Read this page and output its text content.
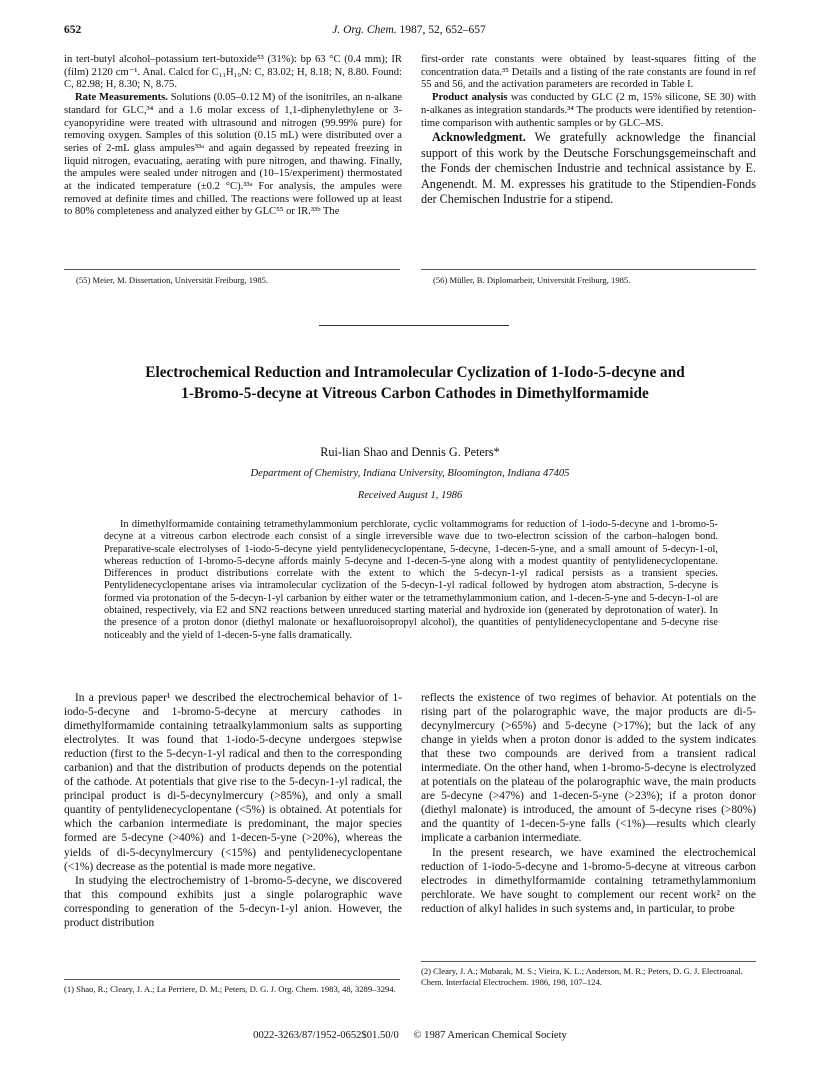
652	J. Org. Chem. 1987, 52, 652–657

in tert-butyl alcohol–potassium tert-butoxide⁵³ (31%): bp 63 °C (0.4 mm); IR (film) 2120 cm⁻¹. Anal. Calcd for C₁₁H₁₉N: C, 83.02; H, 8.18; N, 8.80. Found: C, 82.98; H, 8.30; N, 8.75.

Rate Measurements. Solutions (0.05–0.12 M) of the isonitriles, an n-alkane standard for GLC,³⁴ and a 1.6 molar excess of 1,1-diphenylethylene or 3-cyanopyridine were treated with ultrasound and nitrogen (99.99% pure) for removing oxygen. Samples of this solution (0.15 mL) were distributed over a series of 2-mL glass ampules³³ᵃ and again degassed by repeated freezing in liquid nitrogen, evacuating, aerating with pure nitrogen, and thawing. Finally, the ampules were sealed under nitrogen and (10–15/experiment) thermostated at the indicated temperature (±0.2 °C).³³ᵃ For analysis, the ampules were removed at definite times and chilled. The reactions were followed up at least to 80% completeness and analyzed either by GLC⁵⁵ or IR.³³ᵇ The

first-order rate constants were obtained by least-squares fitting of the concentration data.³⁵ Details and a listing of the rate constants are found in ref 55 and 56, and the activation parameters are recorded in Table I.

Product analysis was conducted by GLC (2 m, 15% silicone, SE 30) with n-alkanes as integration standards.³⁴ The products were identified by retention-time comparison with authentic samples or by GLC–MS.

Acknowledgment. We gratefully acknowledge the financial support of this work by the Deutsche Forschungsgemeinschaft and the Fonds der chemischen Industrie and technical assistance by E. Angenendt. M. M. expresses his gratitude to the Stipendien-Fonds der Chemischen Industrie for a stipend.

(55) Meier, M. Dissertation, Universität Freiburg, 1985.	(56) Müller, B. Diplomarbeit, Universität Freiburg, 1985.
Electrochemical Reduction and Intramolecular Cyclization of 1-Iodo-5-decyne and 1-Bromo-5-decyne at Vitreous Carbon Cathodes in Dimethylformamide
Rui-lian Shao and Dennis G. Peters*
Department of Chemistry, Indiana University, Bloomington, Indiana 47405
Received August 1, 1986

In dimethylformamide containing tetramethylammonium perchlorate, cyclic voltammograms for reduction of 1-iodo-5-decyne and 1-bromo-5-decyne at a vitreous carbon electrode each consist of a single irreversible wave due to two-electron scission of the carbon–halogen bond. Preparative-scale electrolyses of 1-iodo-5-decyne yield pentylidenecyclopentane, 5-decyne, 1-decen-5-yne, and a small amount of 5-decyn-1-ol, whereas reduction of 1-bromo-5-decyne affords mainly 5-decyne and 1-decen-5-yne along with a modest quantity of pentylidenecyclopentane. Differences in product distributions correlate with the extent to which the 5-decyn-1-yl radical persists as a transient species. Pentylidenecyclopentane arises via intramolecular cyclization of the 5-decyn-1-yl radical followed by hydrogen atom abstraction, 5-decyne is formed via protonation of the 5-decyn-1-yl carbanion by either water or the tetramethylammonium cation, and 1-decen-5-yne and 5-decyn-1-ol are obtained, respectively, via E2 and SN2 reactions between unreduced starting material and hydroxide ion (generated by deprotonation of water). In the presence of a proton donor (diethyl malonate or hexafluoroisopropyl alcohol), the quantities of pentylidenecyclopentane and 5-decyne rise noticeably and the yield of 1-decen-5-yne falls dramatically.

In a previous paper¹ we described the electrochemical behavior of 1-iodo-5-decyne and 1-bromo-5-decyne at mercury cathodes in dimethylformamide containing tetraalkylammonium salts as supporting electrolytes. It was found that 1-iodo-5-decyne undergoes stepwise reduction (first to the 5-decyn-1-yl radical and then to the corresponding carbanion) and that the distribution of products depends on the potential of the cathode. At potentials that give rise to the 5-decyn-1-yl radical, the principal product is di-5-decynylmercury (>85%), and only a small quantity of pentylidenecyclopentane (<5%) is obtained. At potentials for which the carbanion intermediate is predominant, the major species formed are 5-decyne (>40%) and 1-decen-5-yne (>20%), whereas the yields of di-5-decynylmercury (<15%) and pentylidenecyclopentane (<1%) decrease as the potential is made more negative.

In studying the electrochemistry of 1-bromo-5-decyne, we discovered that this compound exhibits just a single polarographic wave corresponding to generation of the 5-decyn-1-yl anion. However, the product distribution

reflects the existence of two regimes of behavior. At potentials on the rising part of the polarographic wave, the major products are di-5-decynylmercury (>65%) and 5-decyne (>17%); but the lack of any change in yields when a proton donor is added to the system indicates that these two compounds are derived from a transient radical intermediate. On the other hand, when 1-bromo-5-decyne is electrolyzed at potentials on the plateau of the polarographic wave, the main products are 5-decyne (>47%) and 1-decen-5-yne (>23%); if a proton donor (diethyl malonate) is introduced, the amount of 5-decyne rises (>80%) and the quantity of 1-decen-5-yne falls (<1%)—results which clearly implicate a carbanion intermediate.

In the present research, we have examined the electrochemical reduction of 1-iodo-5-decyne and 1-bromo-5-decyne at vitreous carbon electrodes in dimethylformamide containing tetramethylammonium perchlorate. We have sought to complement our recent work² on the reduction of alkyl halides in such systems and, in particular, to probe

(1) Shao, R.; Cleary, J. A.; La Perriere, D. M.; Peters, D. G. J. Org. Chem. 1983, 48, 3289–3294.
(2) Cleary, J. A.; Mubarak, M. S.; Vieira, K. L.; Anderson, M. R.; Peters, D. G. J. Electroanal. Chem. Interfacial Electrochem. 1986, 198, 107–124.
0022-3263/87/1952-0652$01.50/0 © 1987 American Chemical Society
